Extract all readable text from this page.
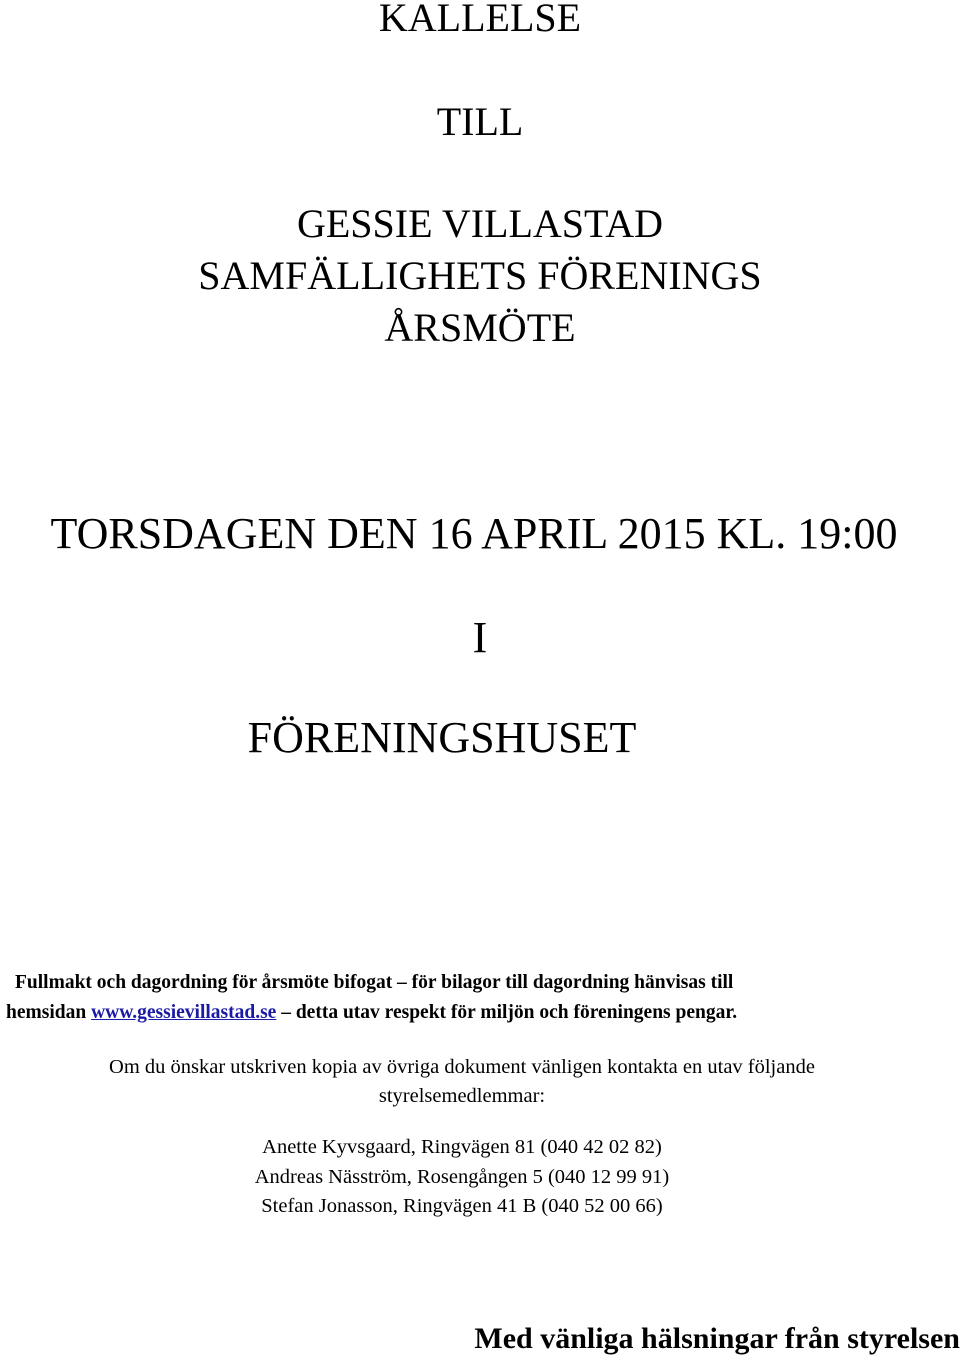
KALLELSE
TILL
GESSIE VILLASTAD
SAMFÄLLIGHETS FÖRENINGS
ÅRSMÖTE
TORSDAGEN DEN 16 APRIL 2015 KL. 19:00
I
FÖRENINGSHUSET
Fullmakt och dagordning för årsmöte bifogat – för bilagor till dagordning hänvisas till
hemsidan www.gessievillastad.se – detta utav respekt för miljön och föreningens pengar.
Om du önskar utskriven kopia av övriga dokument vänligen kontakta en utav följande
styrelsemedlemmar:
Anette Kyvsgaard, Ringvägen 81 (040 42 02 82)
Andreas Näsström, Rosengången 5 (040 12 99 91)
Stefan Jonasson, Ringvägen 41 B (040 52 00 66)
Med vänliga hälsningar från styrelsen
